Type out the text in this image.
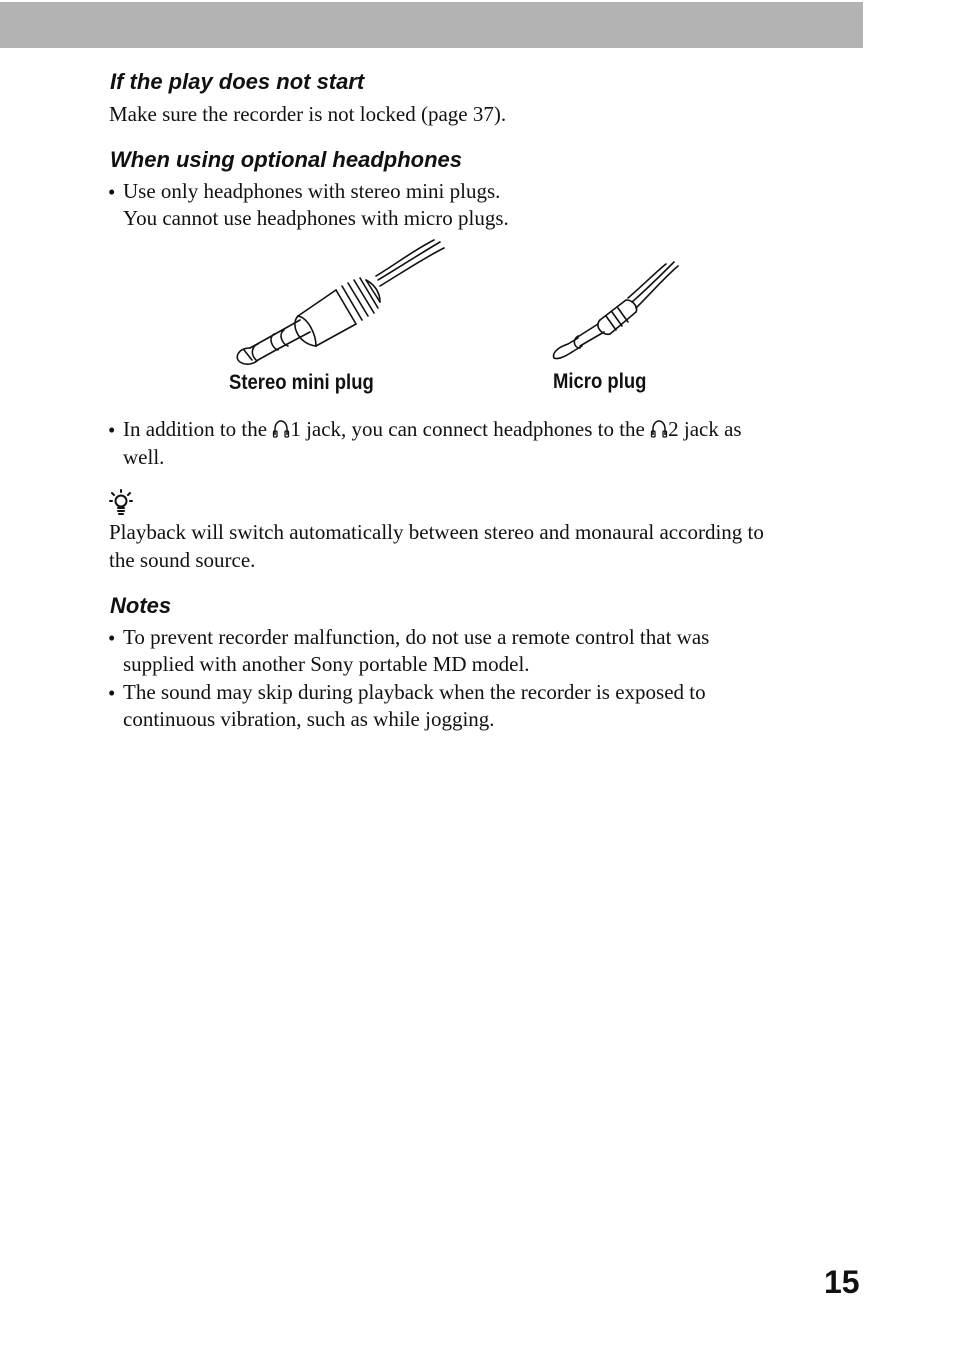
If the play does not start
Make sure the recorder is not locked (page 37).
When using optional headphones
• Use only headphones with stereo mini plugs.
You cannot use headphones with micro plugs.
Stereo mini plug	Micro plug
• In addition to the 1 jack, you can connect headphones to the 2 jack as
well.
Playback will switch automatically between stereo and monaural according to
the sound source.
Notes
• To prevent recorder malfunction, do not use a remote control that was
supplied with another Sony portable MD model.
• The sound may skip during playback when the recorder is exposed to
continuous vibration, such as while jogging.
15
